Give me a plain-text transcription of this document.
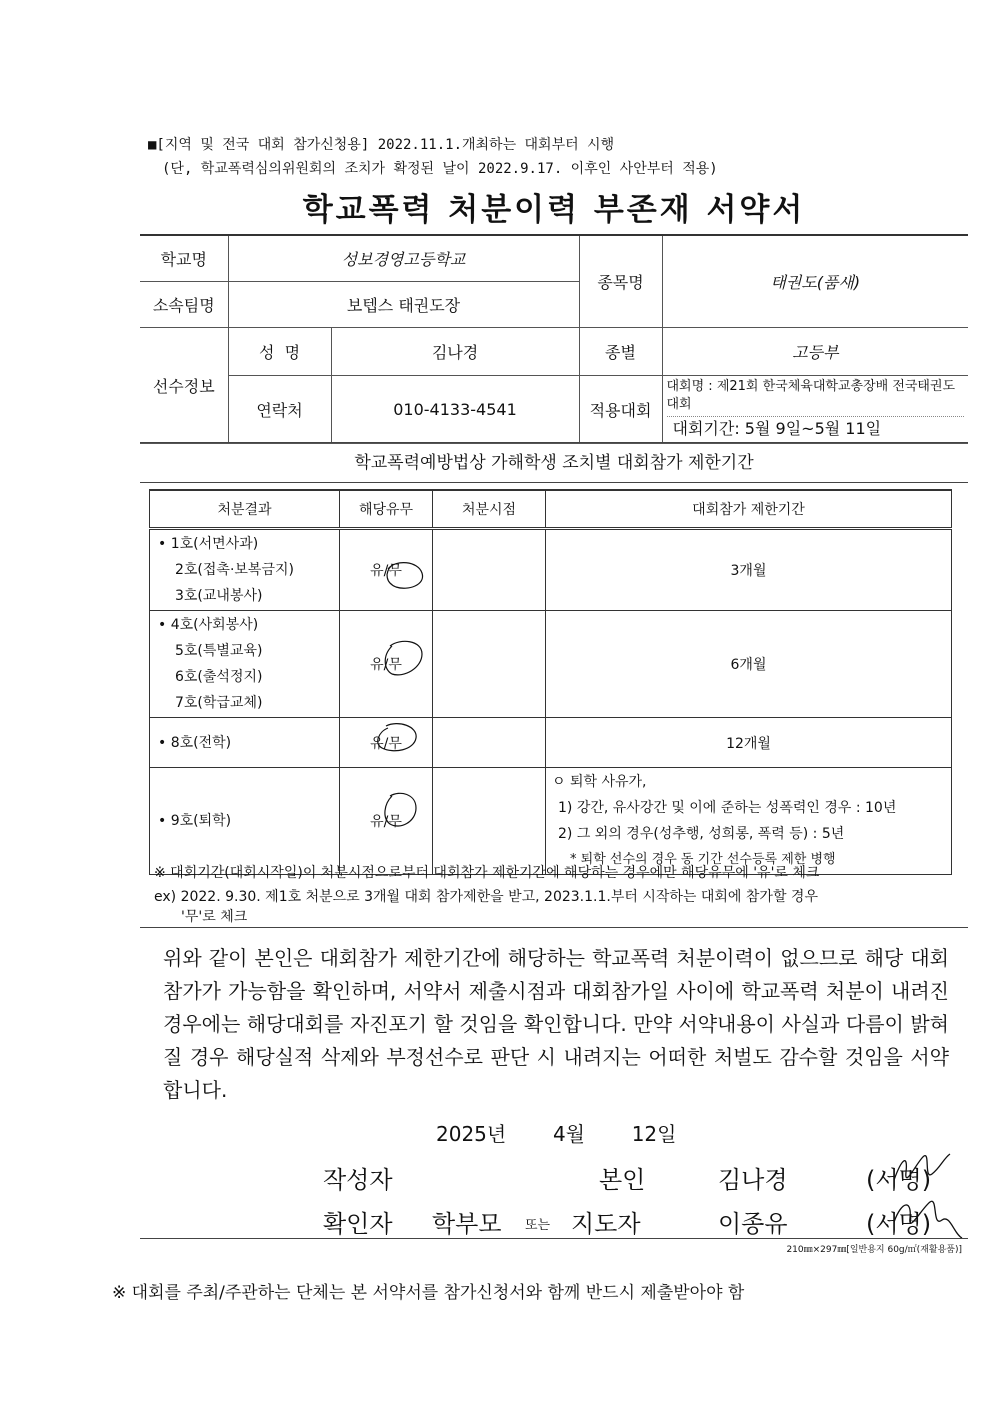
■[지역 및 전국 대회 참가신청용] 2022.11.1.개최하는 대회부터 시행
(단, 학교폭력심의위원회의 조치가 확정된 날이 2022.9.17. 이후인 사안부터 적용)
학교폭력 처분이력 부존재 서약서
학교명	성보경영고등학교		종목명	태권도(품새)
소속팀명	보텝스 태권도장			
선수정보	성  명	김나경	종별	고등부
	연락처	010-4133-4541	적용대회	대회명 : 제21회 한국체육대학교총장배 전국태권도대회
대회기간: 5월 9일~5월 11일
학교폭력예방법상 가해학생 조치별 대회참가 제한기간
처분결과	해당유무	처분시점	대회참가 제한기간

• 1호(서면사과)
2호(접촉·보복금지)
3호(교내봉사)	유/무		3개월

• 4호(사회봉사)
5호(특별교육)
6호(출석정지)
7호(학급교체)	유/무		6개월

• 8호(전학)	유/무		12개월

• 9호(퇴학)	유/무		ㅇ 퇴학 사유가,
1) 강간, 유사강간 및 이에 준하는 성폭력인 경우 : 10년
2) 그 외의 경우(성추행, 성희롱, 폭력 등) : 5년
* 퇴학 선수의 경우 동 기간 선수등록 제한 병행
※ 대회기간(대회시작일)이 처분시점으로부터 대회참가 제한기간에 해당하는 경우에만 해당유무에 '유'로 체크
ex) 2022. 9.30. 제1호 처분으로 3개월 대회 참가제한을 받고, 2023.1.1.부터 시작하는 대회에 참가할 경우
'무'로 체크
위와 같이 본인은 대회참가 제한기간에 해당하는 학교폭력 처분이력이 없으므로 해당 대회 참가가 가능함을 확인하며, 서약서 제출시점과 대회참가일 사이에 학교폭력 처분이 내려진 경우에는 해당대회를 자진포기 할 것임을 확인합니다. 만약 서약내용이 사실과 다름이 밝혀질 경우 해당실적 삭제와 부정선수로 판단 시 내려지는 어떠한 처벌도 감수할 것임을 서약합니다.
2025년 4월 12일
작성자	본인	김나경	(서명)
확인자 학부모 또는 지도자	이종유	(서명)
210㎜×297㎜[일반용지 60g/㎡(재활용품)]
※ 대회를 주최/주관하는 단체는 본 서약서를 참가신청서와 함께 반드시 제출받아야 함
